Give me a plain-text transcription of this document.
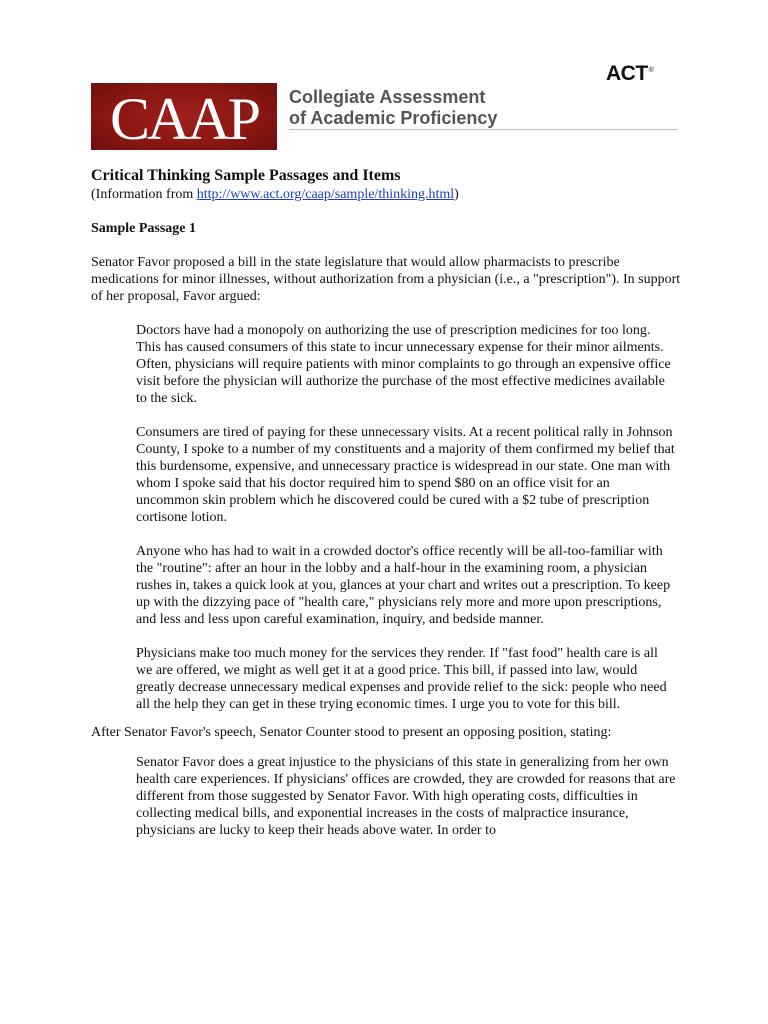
ACT®
CAAP Collegiate Assessment
of Academic Proficiency
Critical Thinking Sample Passages and Items
(Information from http://www.act.org/caap/sample/thinking.html)
Sample Passage 1

Senator Favor proposed a bill in the state legislature that would allow pharmacists to prescribe medications for minor illnesses, without authorization from a physician (i.e., a "prescription"). In support of her proposal, Favor argued:

Doctors have had a monopoly on authorizing the use of prescription medicines for too long. This has caused consumers of this state to incur unnecessary expense for their minor ailments. Often, physicians will require patients with minor complaints to go through an expensive office visit before the physician will authorize the purchase of the most effective medicines available to the sick.

Consumers are tired of paying for these unnecessary visits. At a recent political rally in Johnson County, I spoke to a number of my constituents and a majority of them confirmed my belief that this burdensome, expensive, and unnecessary practice is widespread in our state. One man with whom I spoke said that his doctor required him to spend $80 on an office visit for an uncommon skin problem which he discovered could be cured with a $2 tube of prescription cortisone lotion.

Anyone who has had to wait in a crowded doctor's office recently will be all-too-familiar with the "routine": after an hour in the lobby and a half-hour in the examining room, a physician rushes in, takes a quick look at you, glances at your chart and writes out a prescription. To keep up with the dizzying pace of "health care," physicians rely more and more upon prescriptions, and less and less upon careful examination, inquiry, and bedside manner.

Physicians make too much money for the services they render. If "fast food" health care is all we are offered, we might as well get it at a good price. This bill, if passed into law, would greatly decrease unnecessary medical expenses and provide relief to the sick: people who need all the help they can get in these trying economic times. I urge you to vote for this bill.

After Senator Favor's speech, Senator Counter stood to present an opposing position, stating:

Senator Favor does a great injustice to the physicians of this state in generalizing from her own health care experiences. If physicians' offices are crowded, they are crowded for reasons that are different from those suggested by Senator Favor. With high operating costs, difficulties in collecting medical bills, and exponential increases in the costs of malpractice insurance, physicians are lucky to keep their heads above water. In order to
